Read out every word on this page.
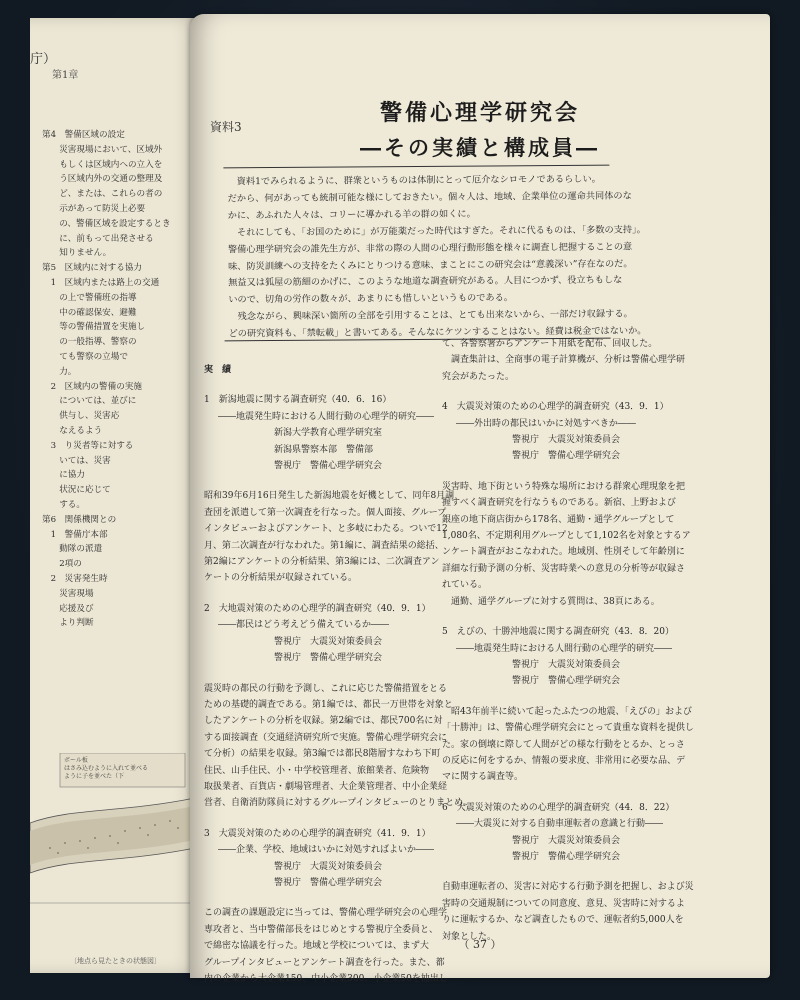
庁）
第1章
第4　警備区域の設定
　　災害現場において、区域外
　　もしくは区域内への立入を
　　う区域内外の交通の整理及
　　ど、または、これらの者の
　　示があって防災上必要
　　の、警備区域を設定するとき
　　に、前もって出発させる
　　知りません。
第5　区域内に対する協力
　1　区域内または路上の交通
　　の上で警備班の指導
　　中の確認保安、避難
　　等の警備措置を実施し
　　の一般指導、警察の
　　ても警察の立場で
　　力。
　2　区域内の警備の実施
　　については、並びに
　　供与し、災害応
　　なえるよう
　3　り災者等に対する
　　いては、災害
　　に協力
　　状況に応じて
　　する。
第6　関係機関との
　1　警備庁本部
　　動隊の派遣
　　2項の
　2　災害発生時
　　災害現場
　　応援及び
　　より判断
ボール板はさみ込むように入れて並べるように子を並べた（下
〔地点ら見たときの状態図〕
資料3
警備心理学研究会
―その実績と構成員―

資料1でみられるように、群衆というものは体制にとって厄介なシロモノであるらしい。

だから、何があっても統制可能な様にしておきたい。個々人は、地域、企業単位の運命共同体のな

かに、あふれた人々は、コリーに導かれる羊の群の如くに。

それにしても、「お国のために」が万能薬だった時代はすぎた。それに代るものは、「多数の支持」。

警備心理学研究会の誰先生方が、非常の際の人間の心理行動形態を様々に調査し把握することの意

味、防災訓練への支持をたくみにとりつける意味、まことにこの研究会は“意義深い”存在なのだ。

無益又は狐屋の筋細のかげに、このような地道な調査研究がある。人目につかず、役立ちもしな

いので、切角の労作の数々が、あまりにも惜しいというものである。

残念ながら、興味深い箇所の全部を引用することは、とても出来ないから、一部だけ収録する。

どの研究資料も、「禁転載」と書いてある。そんなにケツンすることはない。経費は税金ではないか。

実　績

1　新潟地震に関する調査研究（40．6．16）

――地震発生時における人間行動の心理学的研究――

新潟大学教育心理学研究室

新潟県警察本部　警備部

警視庁　警備心理学研究会

昭和39年6月16日発生した新潟地震を好機として、同年8月調

査団を派遣して第一次調査を行なった。個人面接、グループ

インタビューおよびアンケート、と多岐にわたる。ついで12

月、第二次調査が行なわれた。第1編に、調査結果の総括、

第2編にアンケートの分析結果、第3編には、二次調査アン

ケートの分析結果が収録されている。

2　大地震対策のための心理学的調査研究（40．9．1）

――都民はどう考えどう備えているか――

警視庁　大震災対策委員会

警視庁　警備心理学研究会

震災時の都民の行動を予測し、これに応じた警備措置をとる

ための基礎的調査である。第1編では、都民一万世帯を対象と

したアンケートの分析を収録。第2編では、都民700名に対

する面接調査（交通経済研究所で実施。警備心理学研究会に

て分析）の結果を収録。第3編では都民8階層すなわち下町

住民、山手住民、小・中学校管理者、旅館業者、危険物

取扱業者、百貨店・劇場管理者、大企業管理者、中小企業経

営者、自衛消防隊員に対するグループインタビューのとりまとめ。

3　大震災対策のための心理学的調査研究（41．9．1）

――企業、学校、地域はいかに対処すればよいか――

警視庁　大震災対策委員会

警視庁　警備心理学研究会

この調査の課題設定に当っては、警備心理学研究会の心理学

専攻者と、当中警備部長をはじめとする警視庁全委員と、

で綿密な協議を行った。地域と学校については、まず大

グループインタビューとアンケート調査を行った。また、都

内の企業から大企業150、中小企業300、小企業50を抽出し

て、各警察署からアンケート用紙を配布、回収した。

　調査集計は、全商事の電子計算機が、分析は警備心理学研

究会があたった。

4　大震災対策のための心理学的調査研究（43．9．1）

――外出時の都民はいかに対処すべきか――

警視庁　大震災対策委員会

警視庁　警備心理学研究会

災害時、地下街という特殊な場所における群衆心理現象を把

握すべく調査研究を行なうものである。新宿、上野および

銀座の地下商店街から178名、通勤・通学グループとして

1,080名、不定期利用グループとして1,102名を対象とするア

ンケート調査がおこなわれた。地域別、性別そして年齢別に

詳細な行動予測の分析、災害時業への意見の分析等が収録さ

れている。

　通勤、通学グループに対する質問は、38頁にある。

5　えびの、十勝沖地震に関する調査研究（43．8．20）

――地震発生時における人間行動の心理学的研究――

警視庁　大震災対策委員会

警視庁　警備心理学研究会

　昭43年前半に続いて起ったふたつの地震、「えびの」および

「十勝沖」は、警備心理学研究会にとって貴重な資料を提供し

た。家の倒壊に際して人間がどの様な行動をとるか、とっさ

の反応に何をするか、情報の要求度、非常用に必要な品、デ

マに関する調査等。

6　大震災対策のための心理学的調査研究（44．8．22）

――大震災に対する自動車運転者の意識と行動――

警視庁　大震災対策委員会

警視庁　警備心理学研究会

自動車運転者の、災害に対応する行動予測を把握し、および災

害時の交通規制についての同意度、意見、災害時に対するよ

りに運転するか、など調査したもので、運転者約5,000人を

対象とした。

（ 37 ）
